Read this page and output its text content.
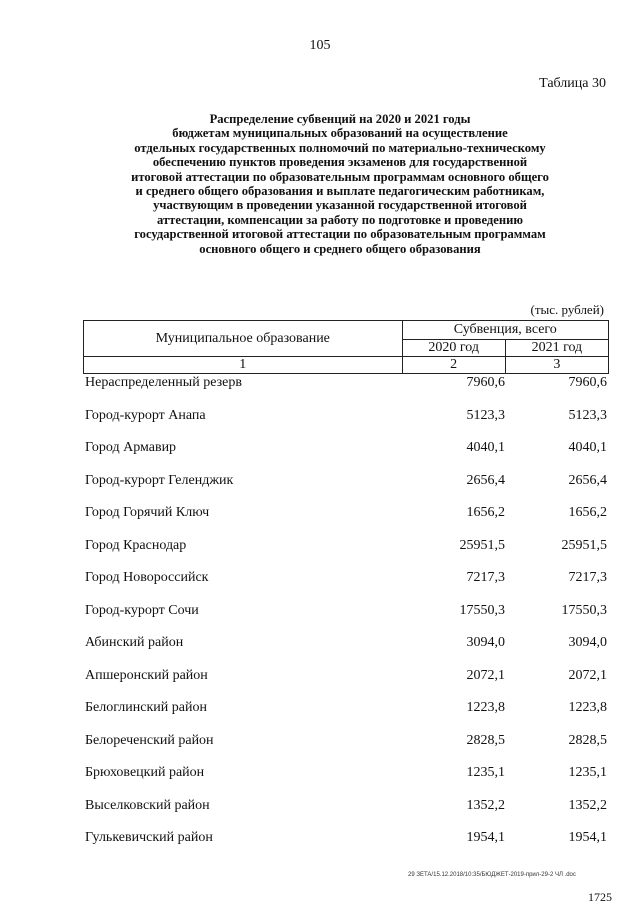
105
Таблица 30
Распределение субвенций на 2020 и 2021 годы
бюджетам муниципальных образований на осуществление
отдельных государственных полномочий по материально-техническому
обеспечению пунктов проведения экзаменов для государственной
итоговой аттестации по образовательным программам основного общего
и среднего общего образования и выплате педагогическим работникам,
участвующим в проведении указанной государственной итоговой
аттестации, компенсации за работу по подготовке и проведению
государственной итоговой аттестации по образовательным программам
основного общего и среднего общего образования
(тыс. рублей)
Муниципальное образование	Субвенция, всего	
	2020 год	2021 год
1	2	3
Нераспределенный резерв	7960,6	7960,6
Город-курорт Анапа	5123,3	5123,3
Город Армавир	4040,1	4040,1
Город-курорт Геленджик	2656,4	2656,4
Город Горячий Ключ	1656,2	1656,2
Город Краснодар	25951,5	25951,5
Город Новороссийск	7217,3	7217,3
Город-курорт Сочи	17550,3	17550,3
Абинский район	3094,0	3094,0
Апшеронский район	2072,1	2072,1
Белоглинский район	1223,8	1223,8
Белореченский район	2828,5	2828,5
Брюховецкий район	1235,1	1235,1
Выселковский район	1352,2	1352,2
Гулькевичский район	1954,1	1954,1
29 ЗЕТА/15.12.2018/10:35/БЮДЖЕТ-2019-прил-29-2 ЧЛ .doc
1725
